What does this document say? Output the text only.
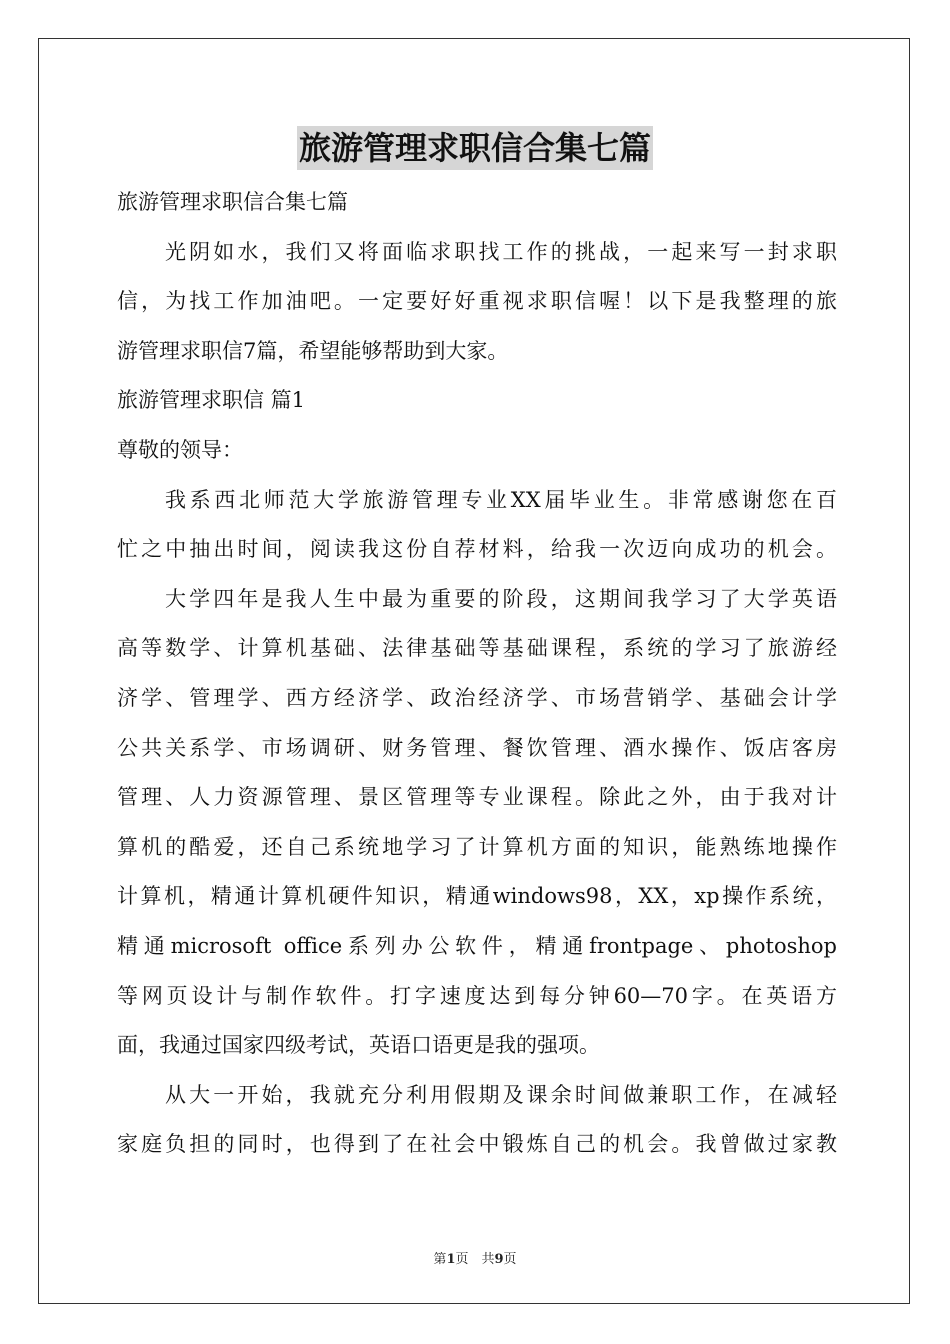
旅游管理求职信合集七篇
旅游管理求职信合集七篇
光阴如水，我们又将面临求职找工作的挑战，一起来写一封求职
信，为找工作加油吧。一定要好好重视求职信喔！以下是我整理的旅
游管理求职信7篇，希望能够帮助到大家。
旅游管理求职信 篇1
尊敬的领导：
我系西北师范大学旅游管理专业XX届毕业生。非常感谢您在百
忙之中抽出时间，阅读我这份自荐材料，给我一次迈向成功的机会。
大学四年是我人生中最为重要的阶段，这期间我学习了大学英语
高等数学、计算机基础、法律基础等基础课程，系统的学习了旅游经
济学、管理学、西方经济学、政治经济学、市场营销学、基础会计学
公共关系学、市场调研、财务管理、餐饮管理、酒水操作、饭店客房
管理、人力资源管理、景区管理等专业课程。除此之外，由于我对计
算机的酷爱，还自己系统地学习了计算机方面的知识，能熟练地操作
计算机，精通计算机硬件知识，精通windows98，XX，xp操作系统，
精通microsoft office系列办公软件，精通frontpage、photoshop
等网页设计与制作软件。打字速度达到每分钟60—70字。在英语方
面，我通过国家四级考试，英语口语更是我的强项。
从大一开始，我就充分利用假期及课余时间做兼职工作，在减轻
家庭负担的同时，也得到了在社会中锻炼自己的机会。我曾做过家教
第1页　共9页
